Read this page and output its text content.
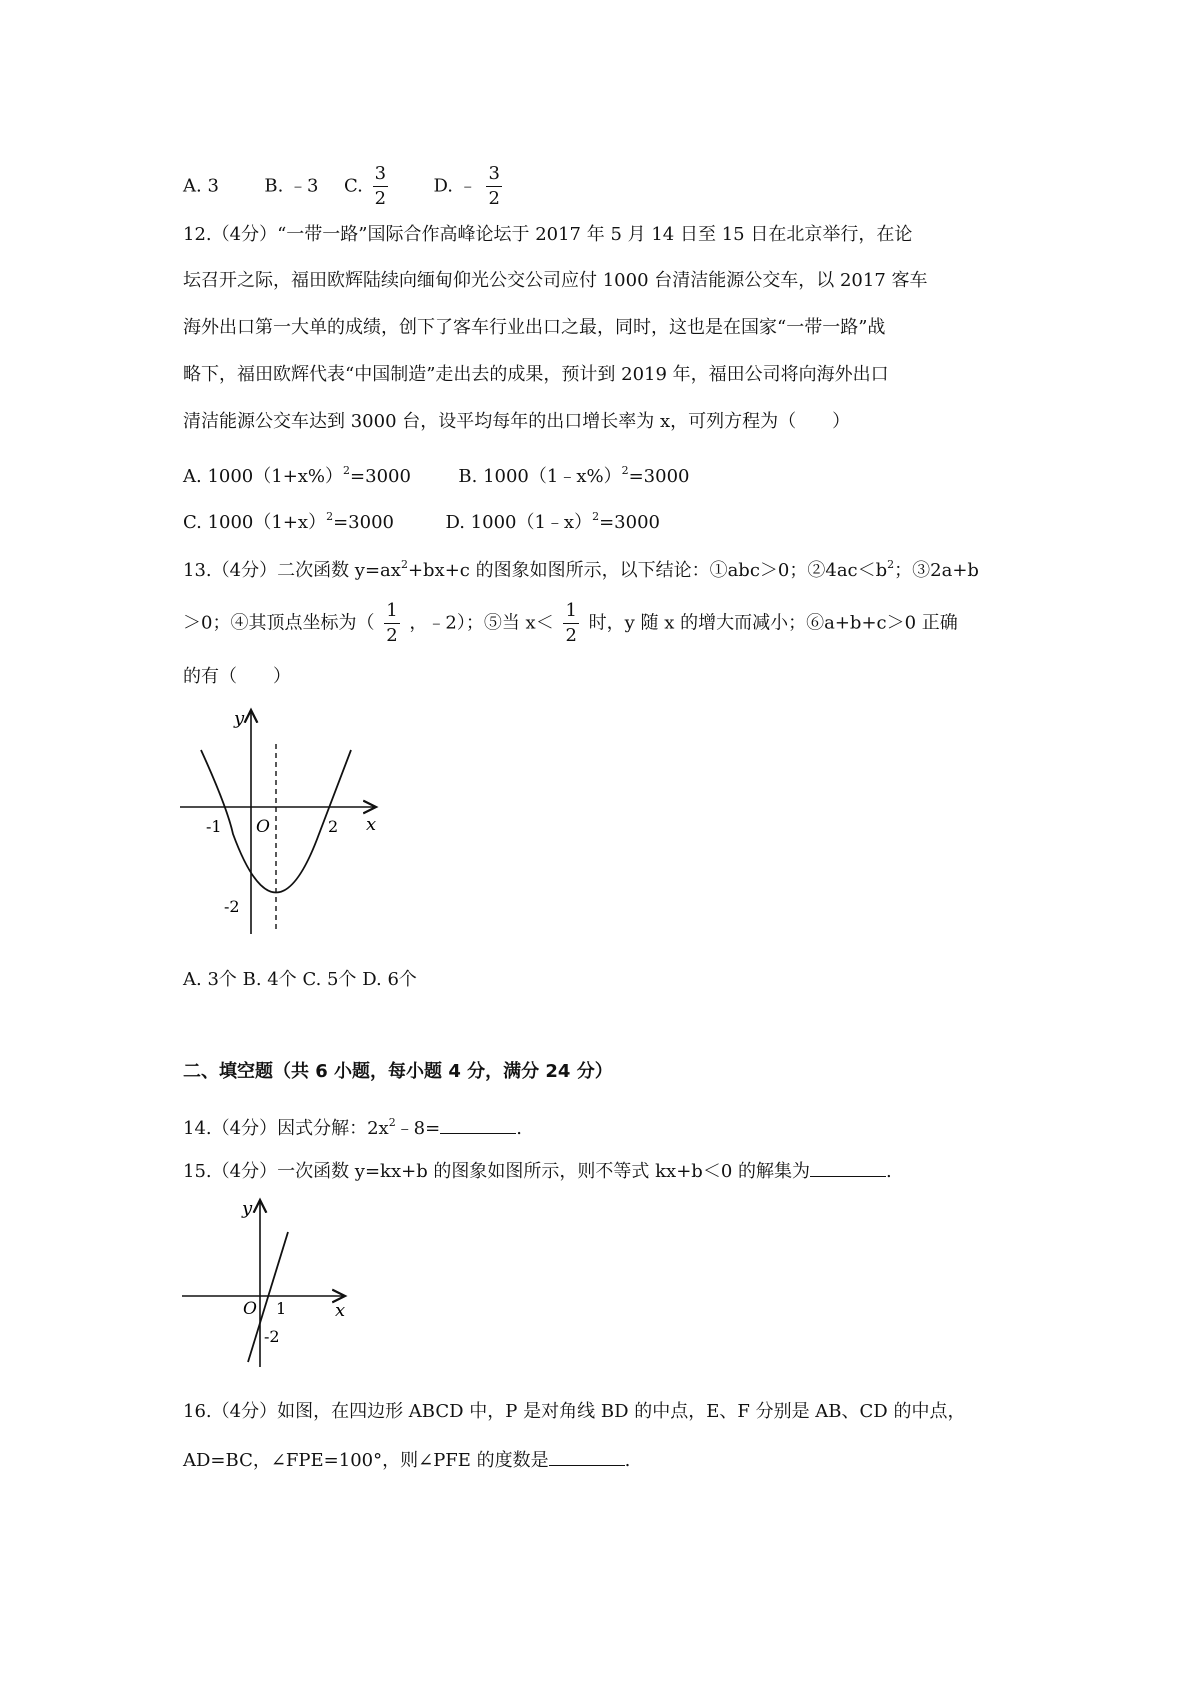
A. 3	B. ﹣3 C. $\frac{3}{2}$	D. ﹣ $\frac{3}{2}$
12.（4分）“一带一路”国际合作高峰论坛于 2017 年 5 月 14 日至 15 日在北京举行，在论
坛召开之际，福田欧辉陆续向缅甸仰光公交公司应付 1000 台清洁能源公交车，以 2017 客车
海外出口第一大单的成绩，创下了客车行业出口之最，同时，这也是在国家“一带一路”战
略下，福田欧辉代表“中国制造”走出去的成果，预计到 2019 年，福田公司将向海外出口
清洁能源公交车达到 3000 台，设平均每年的出口增长率为 x，可列方程为（　　）
A. $1000(1+x\%)^2=3000$	B. 1000（1﹣x%）$^2$=3000
C. $1000(1+x)^2=3000$	D. 1000（1﹣x）$^2$=3000
13.（4分）二次函数 $y=ax^2+bx+c$ 的图象如图所示，以下结论：①abc＞0；$②4ac<b^2$；③2a+b
＞0；④其顶点坐标为（ $\frac{1}{2}$ ，﹣2）；⑤当 $x< \frac{1}{2}$ 时，y 随 x 的增大而减小；⑥a+b+c＞0 正确
的有（　　）
y
x
O
-1	2
-2
A. 3个 B. 4个 C. 5个 D. 6个
二、填空题（共 6 小题，每小题 4 分，满分 24 分）
14.（4分）因式分解：$2x^2﹣8=$	.
15.（4分）一次函数 y=kx+b 的图象如图所示，则不等式 kx+b＜0 的解集为	.
y
x
O 1
-2
16.（4分）如图，在四边形 ABCD 中，P 是对角线 BD 的中点，E、F 分别是 AB、CD 的中点，
AD=BC，∠FPE=100°，则∠PFE 的度数是	.
